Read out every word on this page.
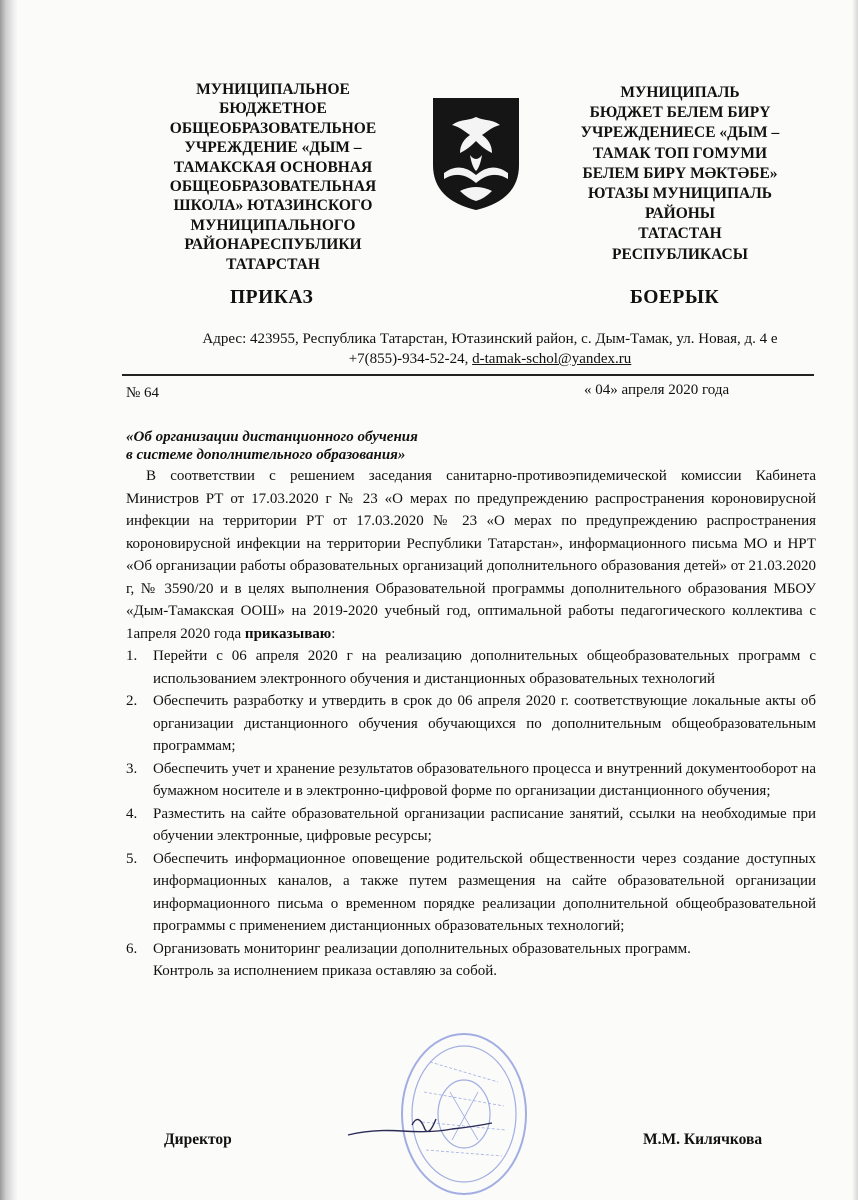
МУНИЦИПАЛЬНОЕ
БЮДЖЕТНОЕ
ОБЩЕОБРАЗОВАТЕЛЬНОЕ
УЧРЕЖДЕНИЕ «ДЫМ –
ТАМАКСКАЯ ОСНОВНАЯ
ОБЩЕОБРАЗОВАТЕЛЬНАЯ
ШКОЛА» ЮТАЗИНСКОГО
МУНИЦИПАЛЬНОГО
РАЙОНАРЕСПУБЛИКИ
ТАТАРСТАН
МУНИЦИПАЛЬ
БЮДЖЕТ БЕЛЕМ БИРҮ
УЧРЕЖДЕНИЕСЕ «ДЫМ –
ТАМАК ТОП ГОМУМИ
БЕЛЕМ БИРҮ МӘКТӘБЕ»
ЮТАЗЫ МУНИЦИПАЛЬ
РАЙОНЫ
ТАТАСТАН
РЕСПУБЛИКАСЫ
ПРИКАЗ	БОЕРЫК
Адрес: 423955, Республика Татарстан, Ютазинский район, с. Дым-Тамак, ул. Новая, д. 4 е
+7(855)-934-52-24, d-tamak-schol@yandex.ru
№ 64	« 04» апреля 2020 года
«Об организации дистанционного обучения
в системе дополнительного образования»

В соответствии с решением заседания санитарно-противоэпидемической комиссии Кабинета Министров РТ от 17.03.2020 г № 23 «О мерах по предупреждению распространения короновирусной инфекции на территории РТ от 17.03.2020 № 23 «О мерах по предупреждению распространения короновирусной инфекции на территории Республики Татарстан», информационного письма МО и НРТ «Об организации работы образовательных организаций дополнительного образования детей» от 21.03.2020 г, № 3590/20 и в целях выполнения Образовательной программы дополнительного образования МБОУ «Дым-Тамакская ООШ» на 2019-2020 учебный год, оптимальной работы педагогического коллектива с 1апреля 2020 года приказываю:

1. Перейти с 06 апреля 2020 г на реализацию дополнительных общеобразовательных программ с использованием электронного обучения и дистанционных образовательных технологий
2. Обеспечить разработку и утвердить в срок до 06 апреля 2020 г. соответствующие локальные акты об организации дистанционного обучения обучающихся по дополнительным общеобразовательным программам;
3. Обеспечить учет и хранение результатов образовательного процесса и внутренний документооборот на бумажном носителе и в электронно-цифровой форме по организации дистанционного обучения;
4. Разместить на сайте образовательной организации расписание занятий, ссылки на необходимые при обучении электронные, цифровые ресурсы;
5. Обеспечить информационное оповещение родительской общественности через создание доступных информационных каналов, а также путем размещения на сайте образовательной организации информационного письма о временном порядке реализации дополнительной общеобразовательной программы с применением дистанционных образовательных технологий;
6. Организовать мониторинг реализации дополнительных образовательных программ.

Контроль за исполнением приказа оставляю за собой.

Директор	М.М. Килячкова
